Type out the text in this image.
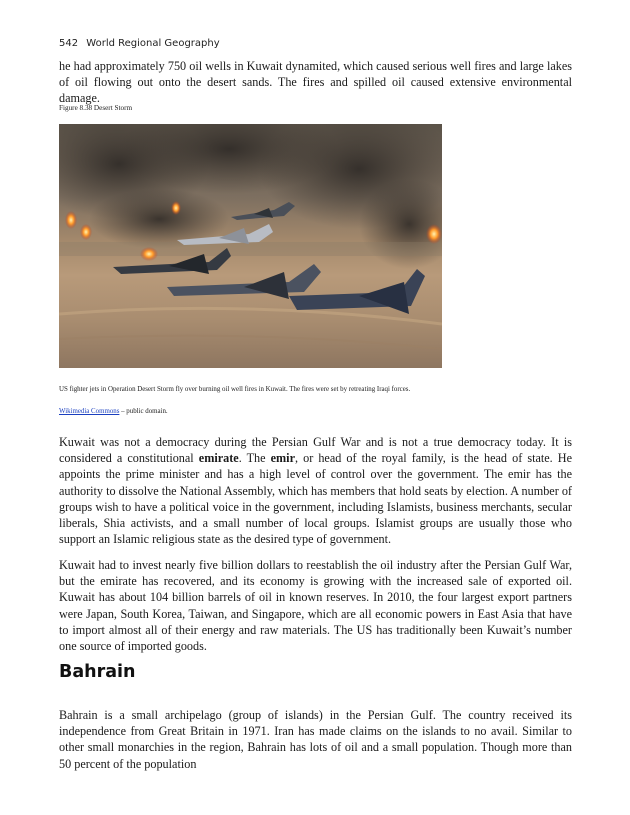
542 World Regional Geography

he had approximately 750 oil wells in Kuwait dynamited, which caused serious well fires and large lakes of oil flowing out onto the desert sands. The fires and spilled oil caused extensive environmental damage.

Figure 8.38 Desert Storm
US fighter jets in Operation Desert Storm fly over burning oil well fires in Kuwait. The fires were set by retreating Iraqi forces.
Wikimedia Commons – public domain.

Kuwait was not a democracy during the Persian Gulf War and is not a true democracy today. It is considered a constitutional emirate. The emir, or head of the royal family, is the head of state. He appoints the prime minister and has a high level of control over the government. The emir has the authority to dissolve the National Assembly, which has members that hold seats by election. A number of groups wish to have a political voice in the government, including Islamists, business merchants, secular liberals, Shia activists, and a small number of local groups. Islamist groups are usually those who support an Islamic religious state as the desired type of government.

Kuwait had to invest nearly five billion dollars to reestablish the oil industry after the Persian Gulf War, but the emirate has recovered, and its economy is growing with the increased sale of exported oil. Kuwait has about 104 billion barrels of oil in known reserves. In 2010, the four largest export partners were Japan, South Korea, Taiwan, and Singapore, which are all economic powers in East Asia that have to import almost all of their energy and raw materials. The US has traditionally been Kuwait’s number one source of imported goods.

Bahrain

Bahrain is a small archipelago (group of islands) in the Persian Gulf. The country received its independence from Great Britain in 1971. Iran has made claims on the islands to no avail. Similar to other small monarchies in the region, Bahrain has lots of oil and a small population. Though more than 50 percent of the population
